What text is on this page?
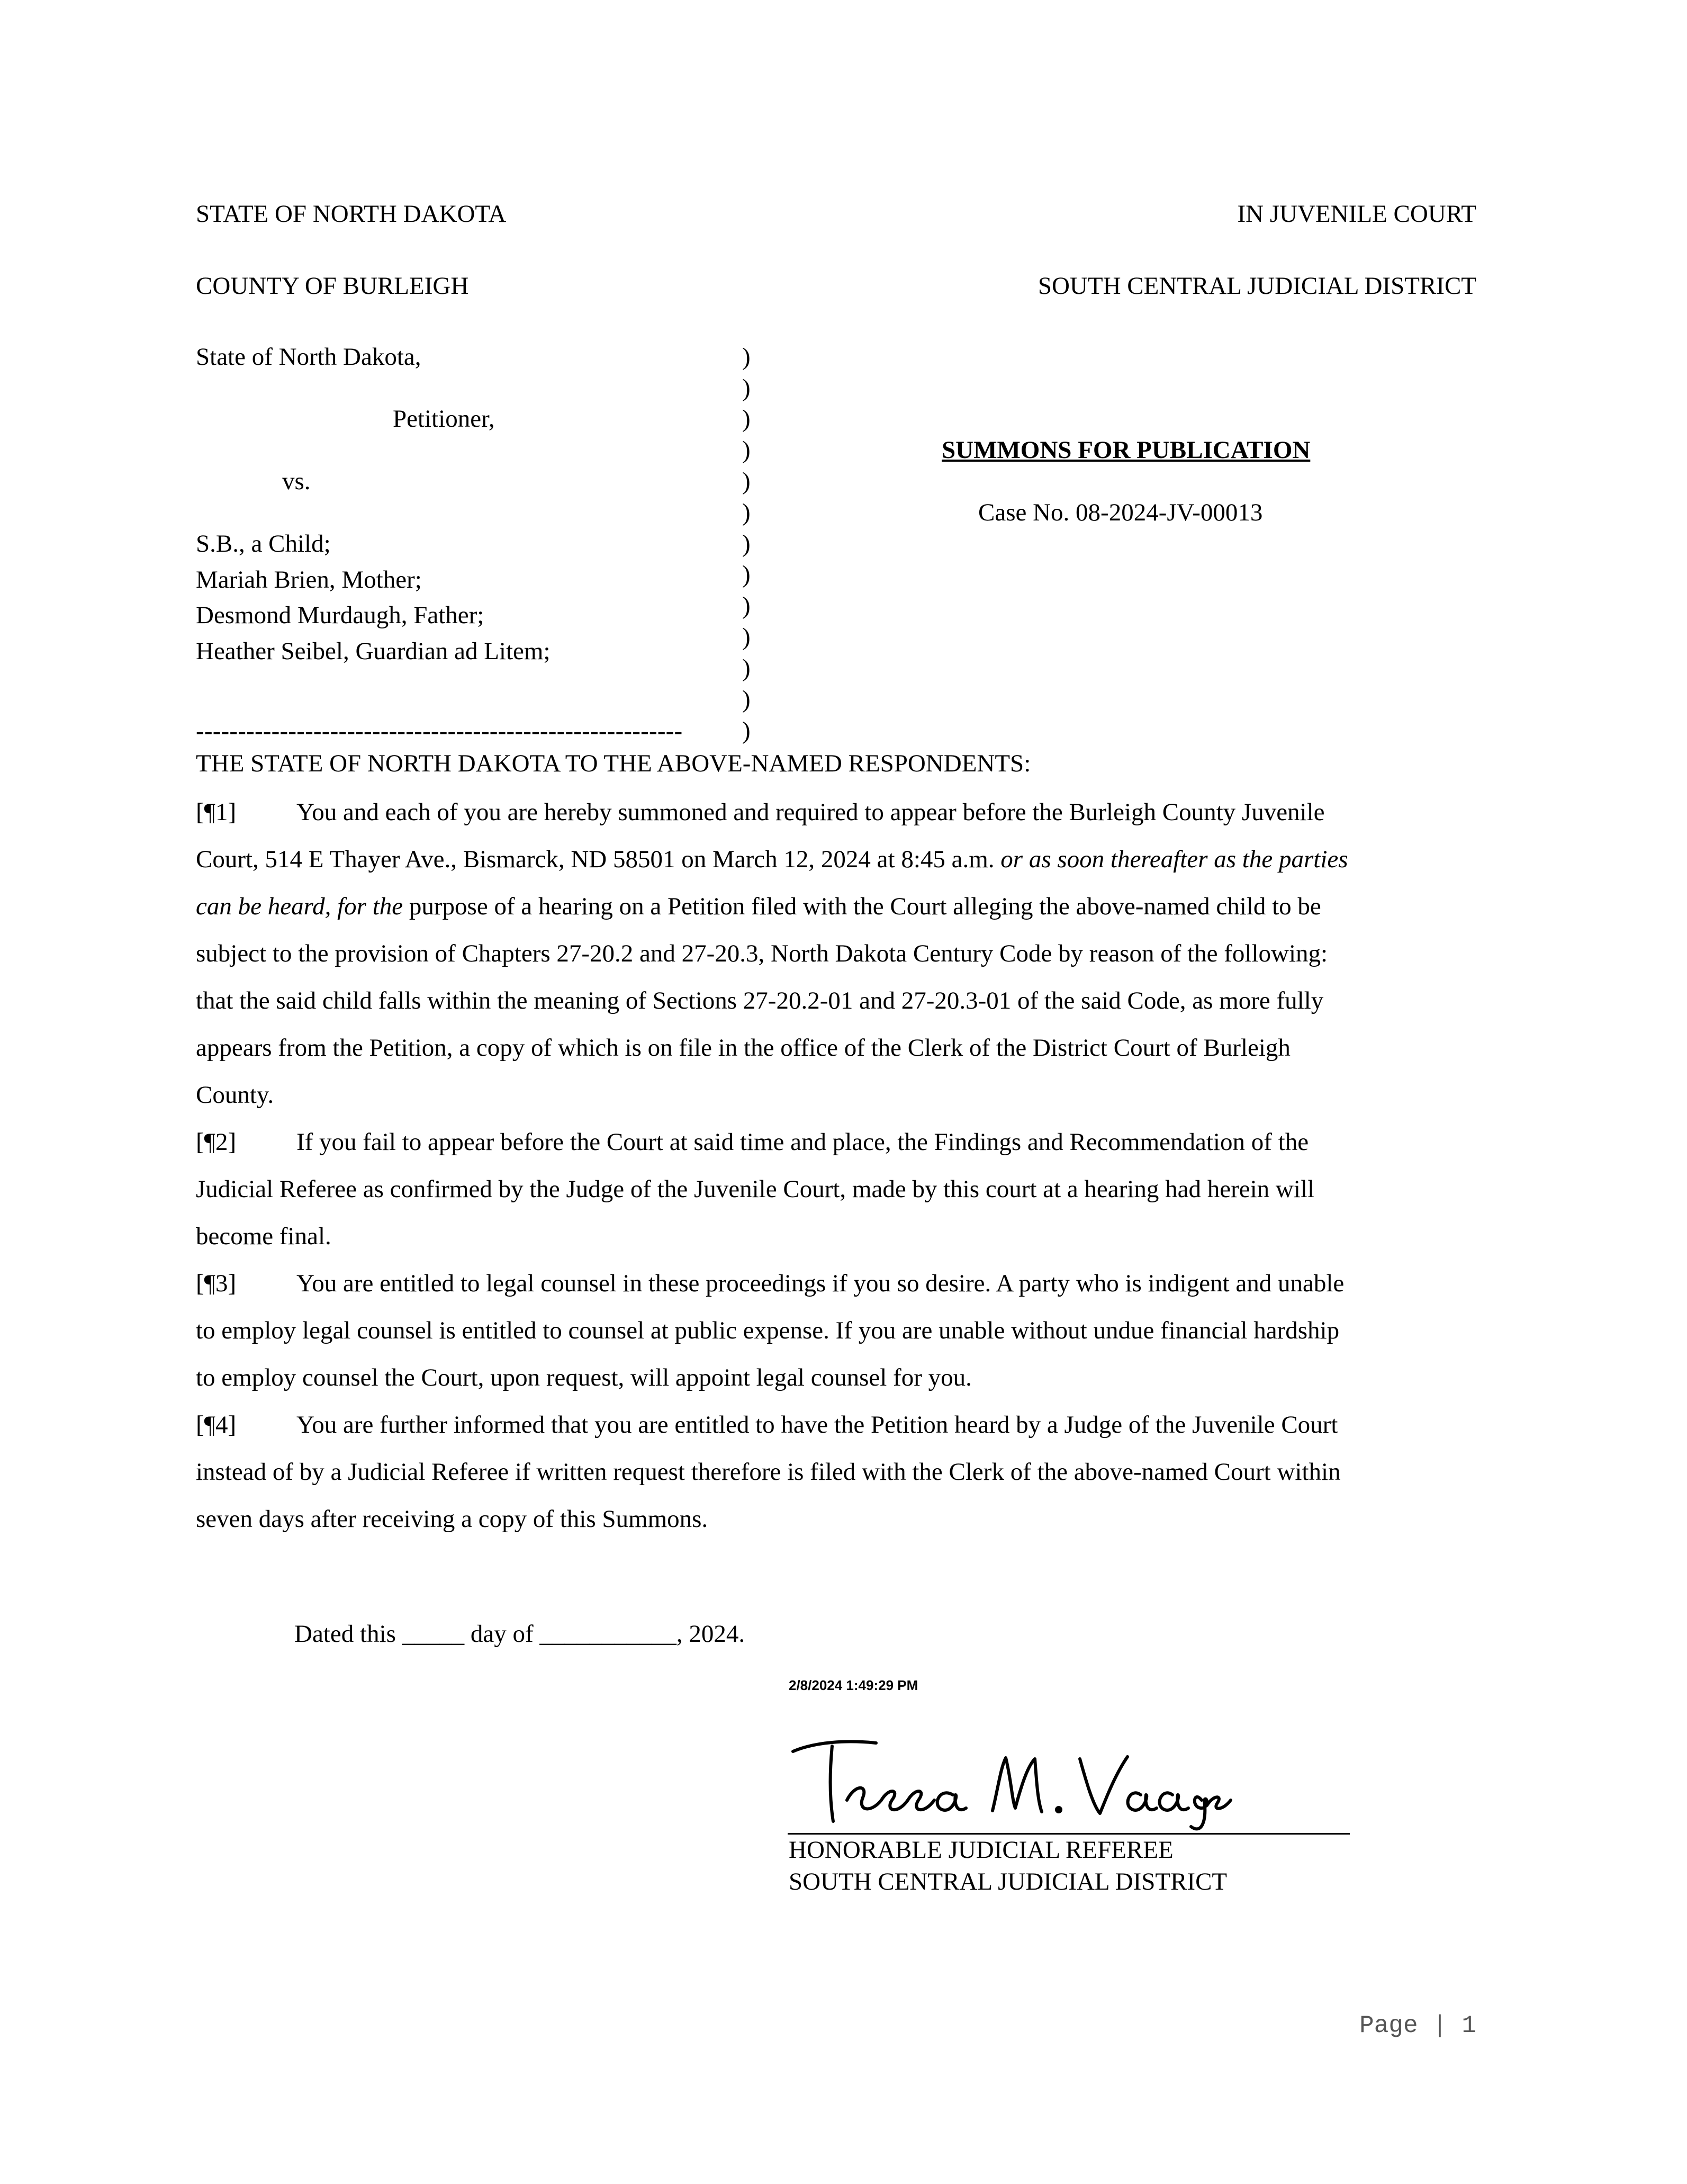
STATE OF NORTH DAKOTA	IN JUVENILE COURT
COUNTY OF BURLEIGH	SOUTH CENTRAL JUDICIAL DISTRICT
State of North Dakota,
Petitioner,
vs.
S.B., a Child;
Mariah Brien, Mother;
Desmond Murdaugh, Father;
Heather Seibel, Guardian ad Litem;
----------------------------------------------------------
)
)
)
)
)
)
)
)
)
)
)
)
)
SUMMONS FOR PUBLICATION
Case No. 08-2024-JV-00013
THE STATE OF NORTH DAKOTA TO THE ABOVE-NAMED RESPONDENTS:
[¶1] You and each of you are hereby summoned and required to appear before the Burleigh County Juvenile
Court, 514 E Thayer Ave., Bismarck, ND 58501 on March 12, 2024 at 8:45 a.m. or as soon thereafter as the parties
can be heard, for the purpose of a hearing on a Petition filed with the Court alleging the above-named child to be
subject to the provision of Chapters 27-20.2 and 27-20.3, North Dakota Century Code by reason of the following:
that the said child falls within the meaning of Sections 27-20.2-01 and 27-20.3-01 of the said Code, as more fully
appears from the Petition, a copy of which is on file in the office of the Clerk of the District Court of Burleigh
County.
[¶2] If you fail to appear before the Court at said time and place, the Findings and Recommendation of the
Judicial Referee as confirmed by the Judge of the Juvenile Court, made by this court at a hearing had herein will
become final.
[¶3] You are entitled to legal counsel in these proceedings if you so desire. A party who is indigent and unable
to employ legal counsel is entitled to counsel at public expense. If you are unable without undue financial hardship
to employ counsel the Court, upon request, will appoint legal counsel for you.
[¶4] You are further informed that you are entitled to have the Petition heard by a Judge of the Juvenile Court
instead of by a Judicial Referee if written request therefore is filed with the Clerk of the above-named Court within
seven days after receiving a copy of this Summons.
Dated this _____ day of ___________, 2024.
2/8/2024 1:49:29 PM
HONORABLE JUDICIAL REFEREE
SOUTH CENTRAL JUDICIAL DISTRICT
Page | 1
